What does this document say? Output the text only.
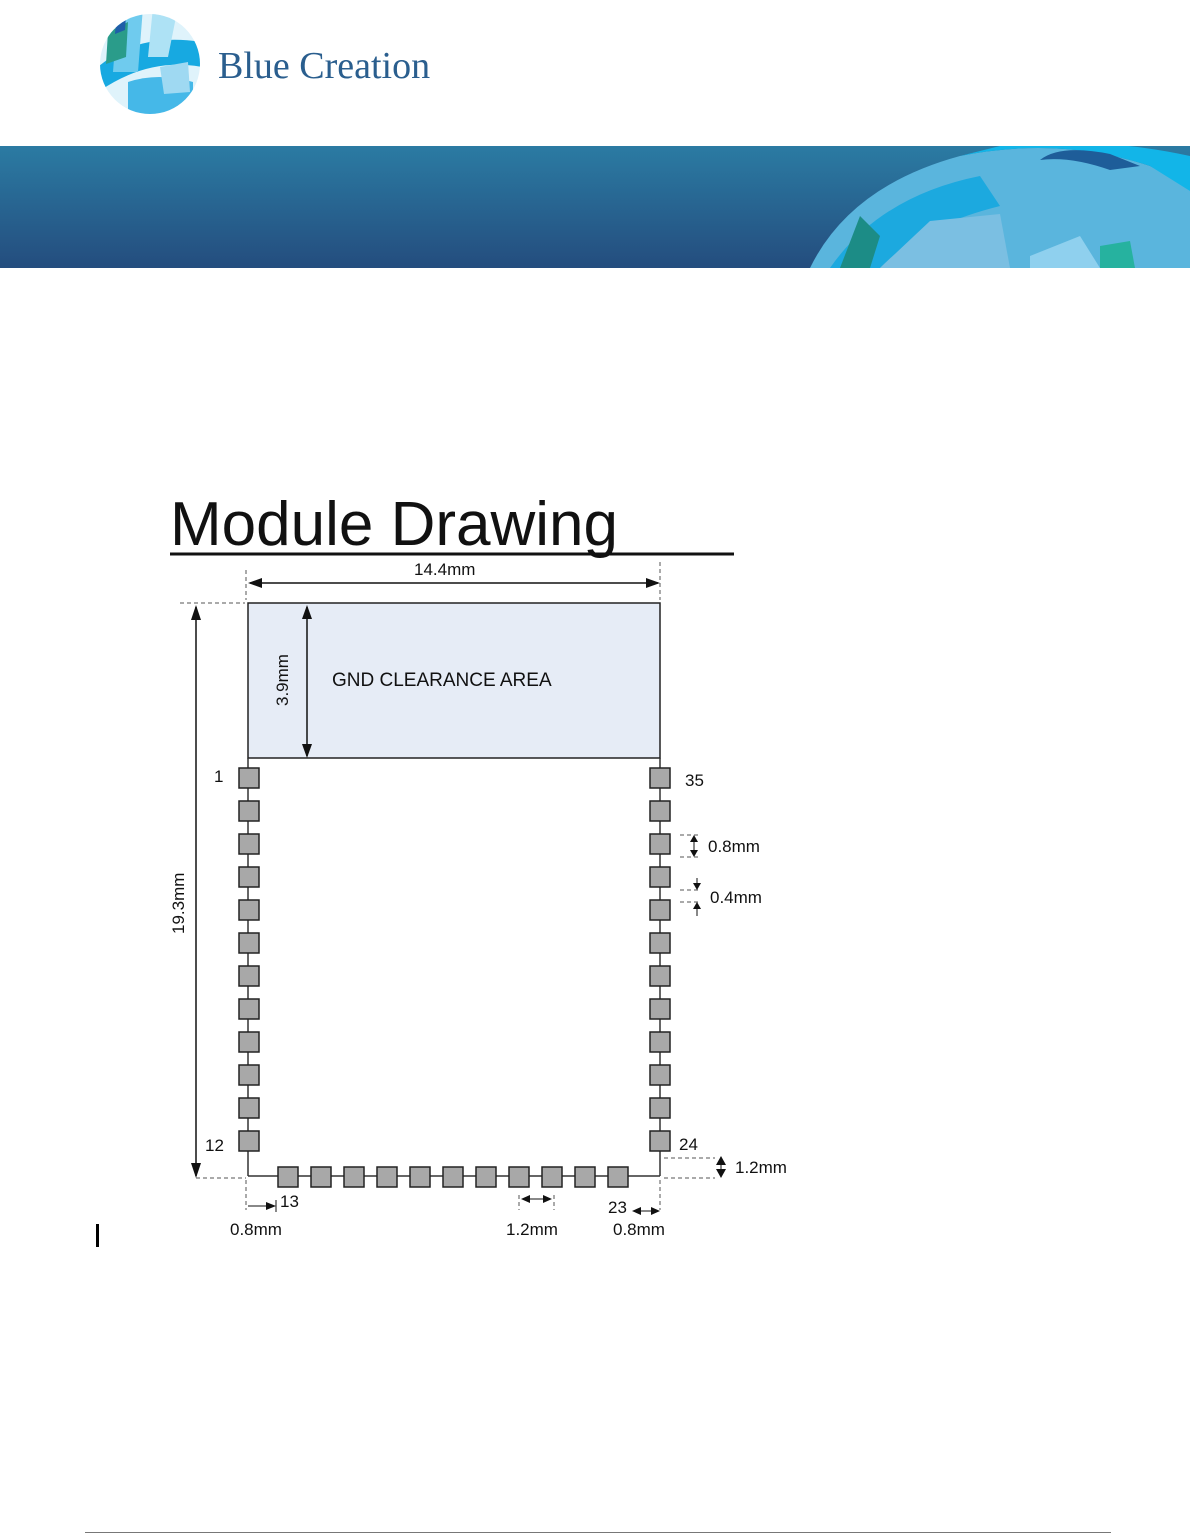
Blue Creation
Module Drawing
GND CLEARANCE AREA
14.4mm
19.3mm
3.9mm
0.8mm
0.4mm
1.2mm
0.8mm	1.2mm	0.8mm
1
12
13	23
24
35
